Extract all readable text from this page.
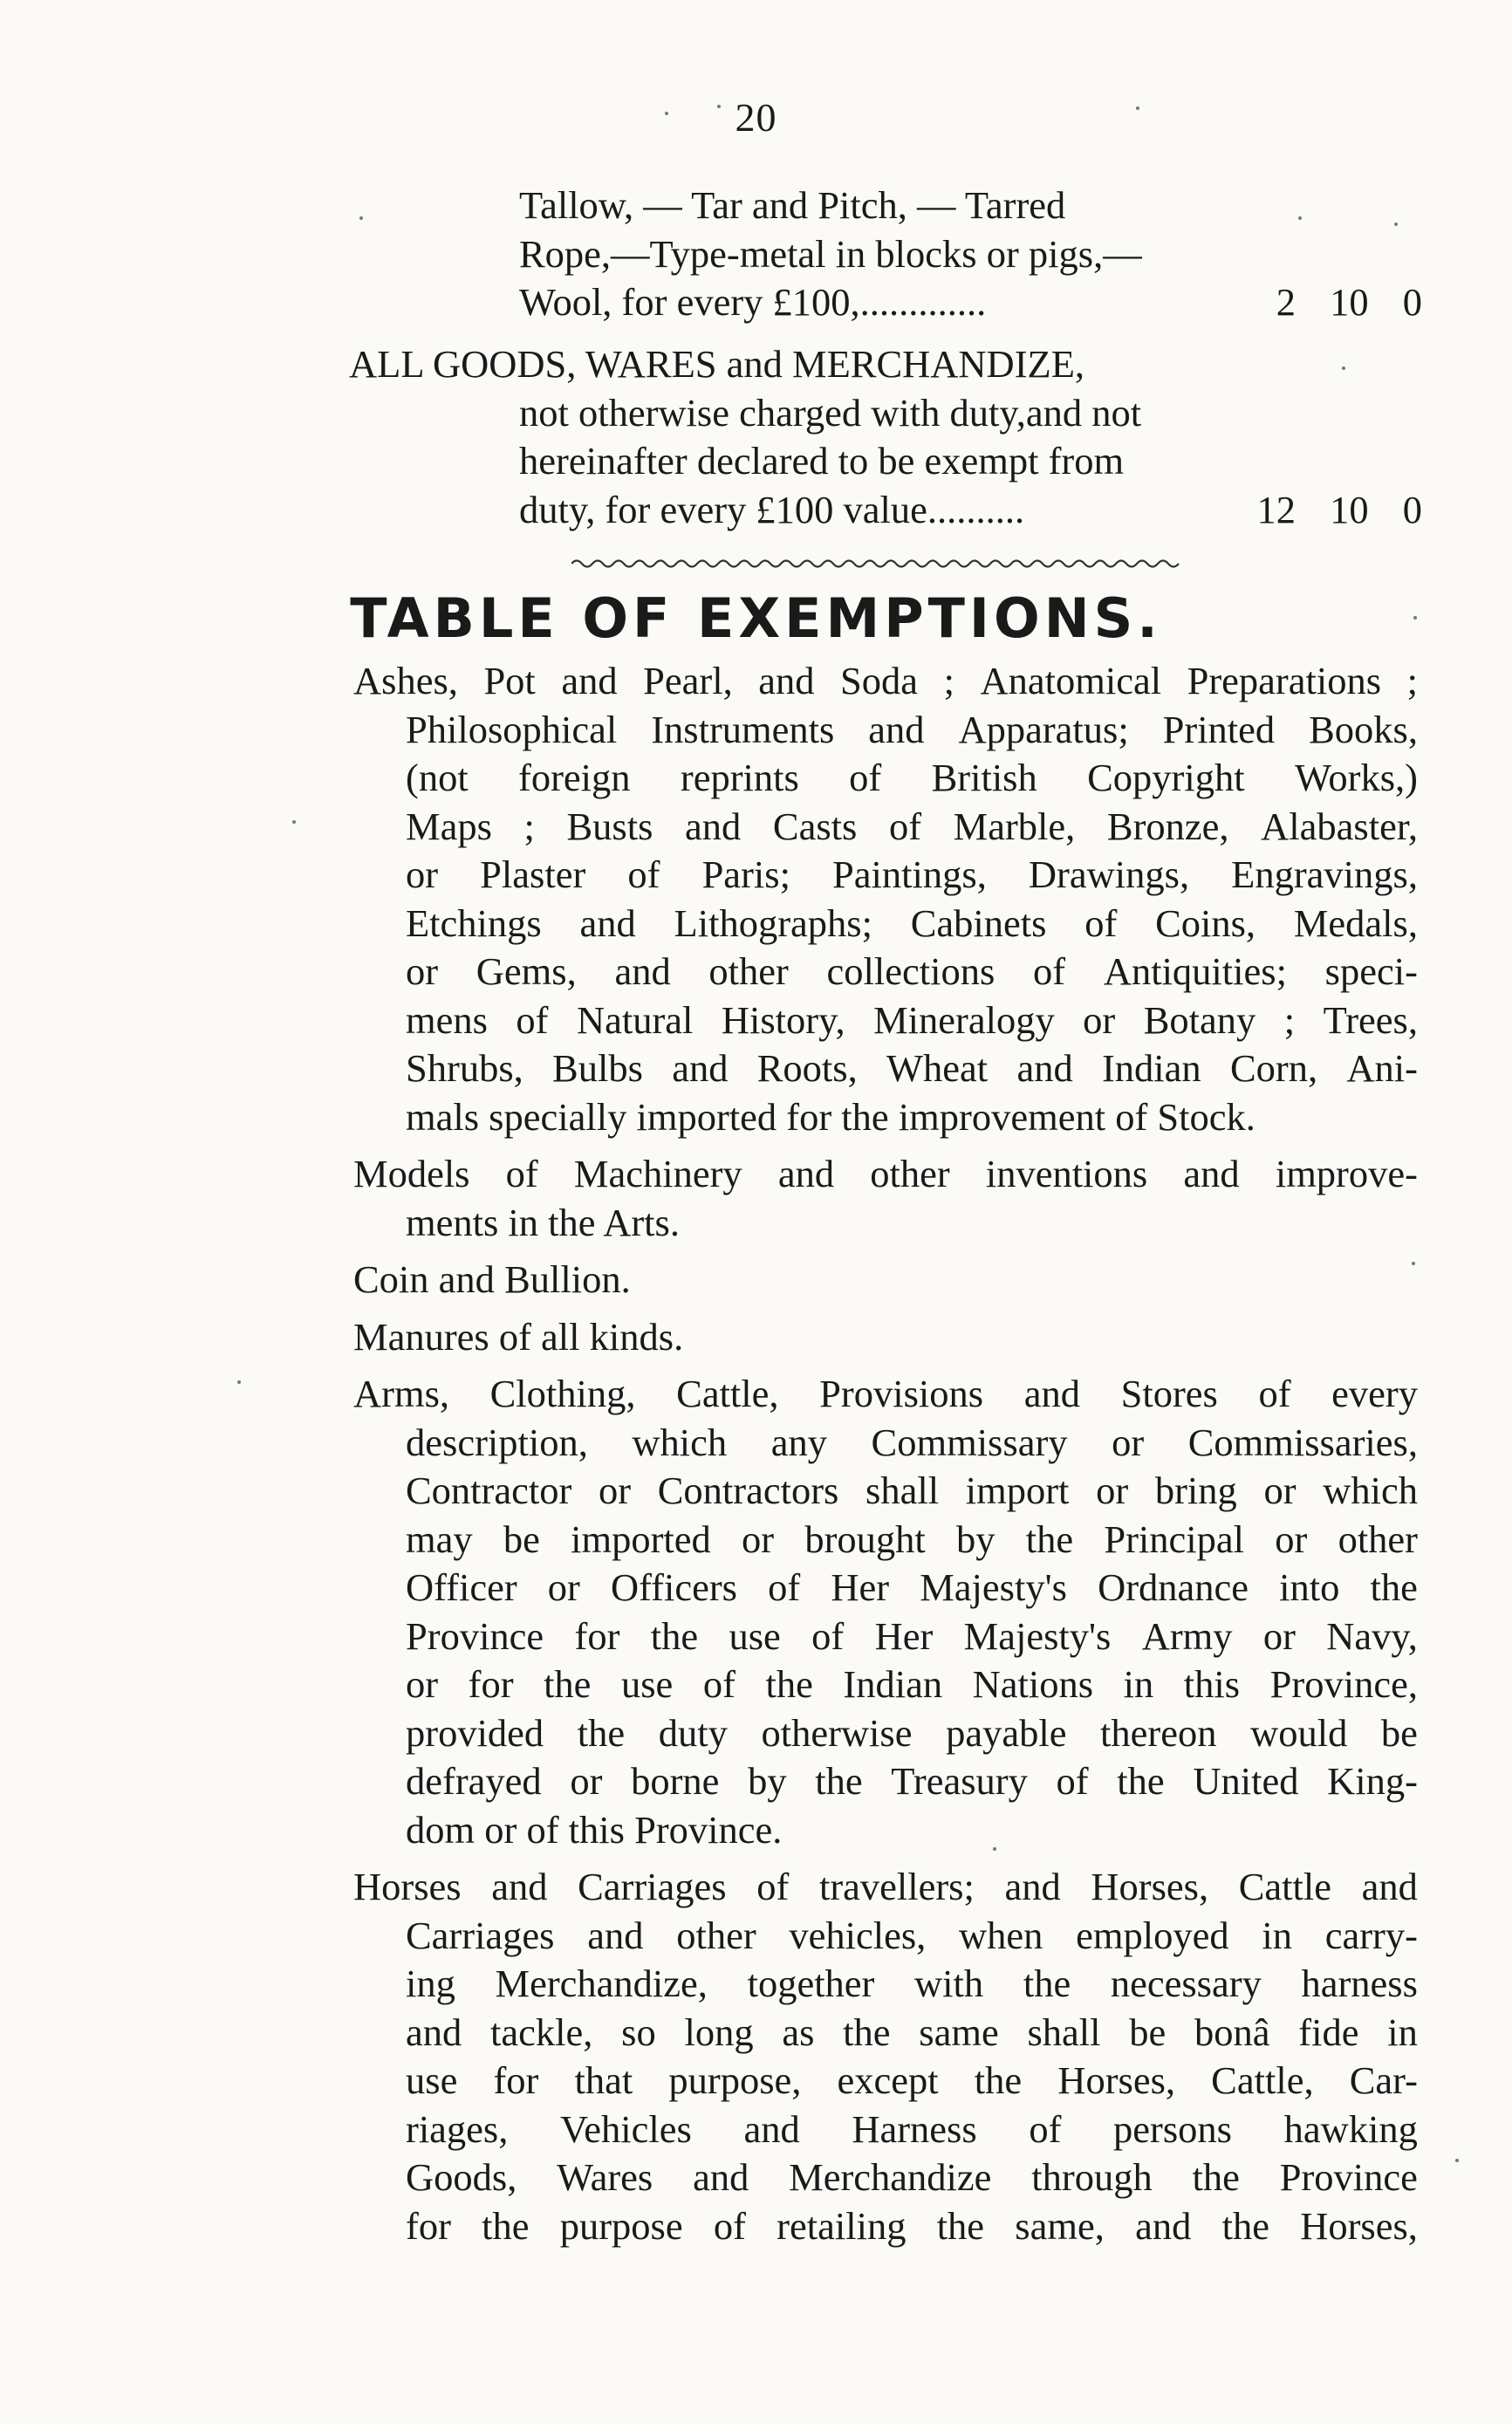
20
Tallow, — Tar and Pitch, — Tarred
Rope,—Type-metal in blocks or pigs,—
Wool, for every £100,.............	2 10 0
ALL GOODS, WARES and MERCHANDIZE,
not otherwise charged with duty,and not
hereinafter declared to be exempt from
duty, for every £100 value..........	12 10 0
TABLE OF EXEMPTIONS.
Ashes, Pot and Pearl, and Soda ; Anatomical Preparations ;
Philosophical Instruments and Apparatus; Printed Books,
(not foreign reprints of British Copyright Works,)
Maps ; Busts and Casts of Marble, Bronze, Alabaster,
or Plaster of Paris; Paintings, Drawings, Engravings,
Etchings and Lithographs; Cabinets of Coins, Medals,
or Gems, and other collections of Antiquities; speci-
mens of Natural History, Mineralogy or Botany ; Trees,
Shrubs, Bulbs and Roots, Wheat and Indian Corn, Ani-
mals specially imported for the improvement of Stock.
Models of Machinery and other inventions and improve-
ments in the Arts.
Coin and Bullion.
Manures of all kinds.
Arms, Clothing, Cattle, Provisions and Stores of every
description, which any Commissary or Commissaries,
Contractor or Contractors shall import or bring or which
may be imported or brought by the Principal or other
Officer or Officers of Her Majesty's Ordnance into the
Province for the use of Her Majesty's Army or Navy,
or for the use of the Indian Nations in this Province,
provided the duty otherwise payable thereon would be
defrayed or borne by the Treasury of the United King-
dom or of this Province.
Horses and Carriages of travellers; and Horses, Cattle and
Carriages and other vehicles, when employed in carry-
ing Merchandize, together with the necessary harness
and tackle, so long as the same shall be bonâ fide in
use for that purpose, except the Horses, Cattle, Car-
riages, Vehicles and Harness of persons hawking
Goods, Wares and Merchandize through the Province
for the purpose of retailing the same, and the Horses,
